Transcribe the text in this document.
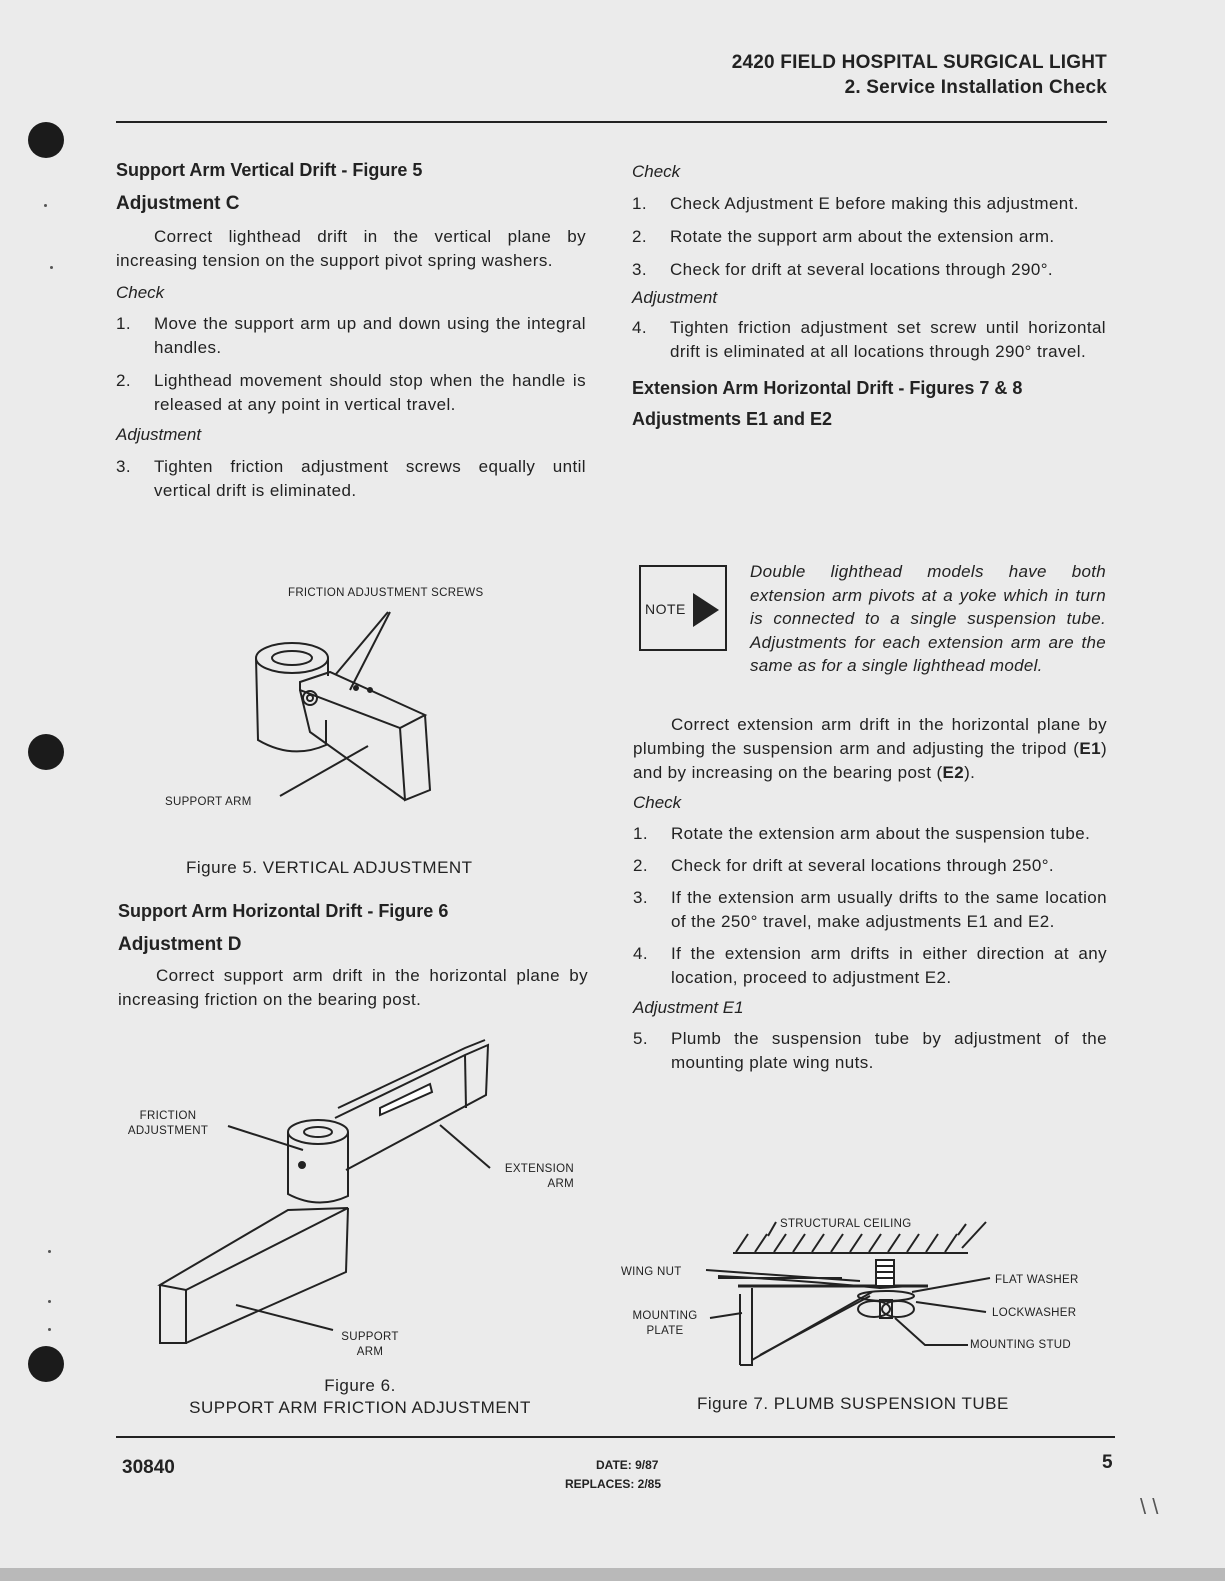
2420 FIELD HOSPITAL SURGICAL LIGHT
2. Service Installation Check

Support Arm Vertical Drift - Figure 5

Adjustment C

Correct lighthead drift in the vertical plane by increasing tension on the support pivot spring washers.

Check

1.	Move the support arm up and down using the integral handles.
2.	Lighthead movement should stop when the handle is released at any point in vertical travel.

Adjustment

3.	Tighten friction adjustment screws equally until vertical drift is eliminated.
FRICTION ADJUSTMENT SCREWS
SUPPORT ARM
Figure 5. VERTICAL ADJUSTMENT

Support Arm Horizontal Drift - Figure 6

Adjustment D

Correct support arm drift in the horizontal plane by increasing friction on the bearing post.

FRICTION
ADJUSTMENT
EXTENSION
ARM
SUPPORT
ARM
Figure 6.
SUPPORT ARM FRICTION ADJUSTMENT

Check

1.	Check Adjustment E before making this adjustment.
2.	Rotate the support arm about the extension arm.
3.	Check for drift at several locations through 290°.

Adjustment

4.	Tighten friction adjustment set screw until horizontal drift is eliminated at all locations through 290° travel.

Extension Arm Horizontal Drift - Figures 7 & 8

Adjustments E1 and E2

NOTE
Double lighthead models have both extension arm pivots at a yoke which in turn is connected to a single suspension tube. Adjustments for each extension arm are the same as for a single lighthead model.

Correct extension arm drift in the horizontal plane by plumbing the suspension arm and adjusting the tripod (E1) and by increasing on the bearing post (E2).

Check

1.	Rotate the extension arm about the suspension tube.
2.	Check for drift at several locations through 250°.
3.	If the extension arm usually drifts to the same location of the 250° travel, make adjustments E1 and E2.
4.	If the extension arm drifts in either direction at any location, proceed to adjustment E2.

Adjustment E1

5.	Plumb the suspension tube by adjustment of the mounting plate wing nuts.
STRUCTURAL CEILING
WING NUT
MOUNTING
PLATE
FLAT WASHER
LOCKWASHER
MOUNTING STUD
Figure 7. PLUMB SUSPENSION TUBE
30840	DATE: 9/87
REPLACES: 2/85
5
\ \
